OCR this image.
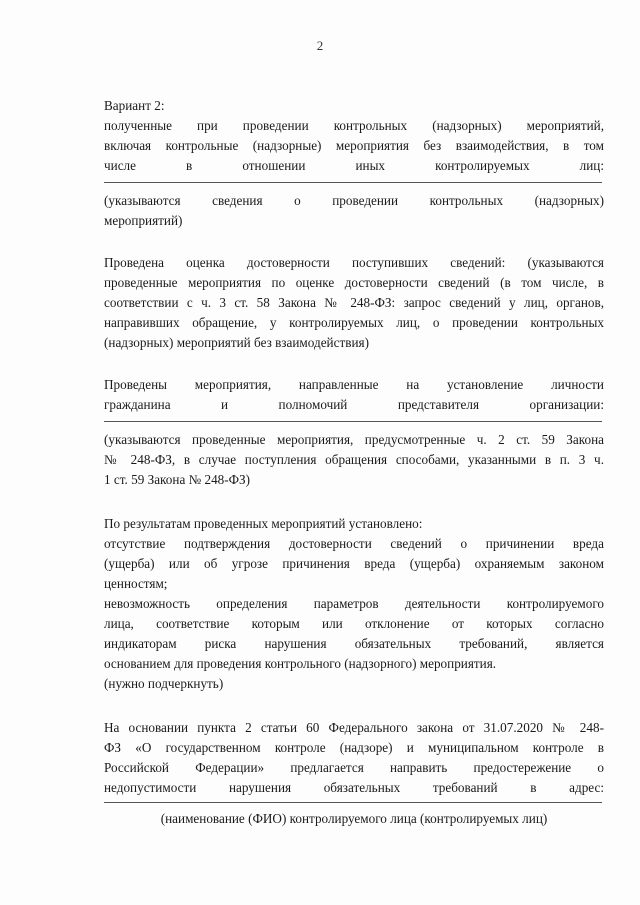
2

Вариант 2:

полученные при проведении контрольных (надзорных) мероприятий,

включая контрольные (надзорные) мероприятия без взаимодействия, в том

числе в отношении иных контролируемых лиц:

(указываются сведения о проведении контрольных (надзорных)

мероприятий)

Проведена оценка достоверности поступивших сведений: (указываются

проведенные мероприятия по оценке достоверности сведений (в том числе, в

соответствии с ч. 3 ст. 58 Закона № 248-ФЗ: запрос сведений у лиц, органов,

направивших обращение, у контролируемых лиц, о проведении контрольных

(надзорных) мероприятий без взаимодействия)

Проведены мероприятия, направленные на установление личности

гражданина и полномочий представителя организации:

(указываются проведенные мероприятия, предусмотренные ч. 2 ст. 59 Закона

№ 248-ФЗ, в случае поступления обращения способами, указанными в п. 3 ч.

1 ст. 59 Закона № 248-ФЗ)

По результатам проведенных мероприятий установлено:

отсутствие подтверждения достоверности сведений о причинении вреда

(ущерба) или об угрозе причинения вреда (ущерба) охраняемым законом

ценностям;

невозможность определения параметров деятельности контролируемого

лица, соответствие которым или отклонение от которых согласно

индикаторам риска нарушения обязательных требований, является

основанием для проведения контрольного (надзорного) мероприятия.

(нужно подчеркнуть)

На основании пункта 2 статьи 60 Федерального закона от 31.07.2020 № 248-

ФЗ «О государственном контроле (надзоре) и муниципальном контроле в

Российской Федерации» предлагается направить предостережение о

недопустимости нарушения обязательных требований в адрес:

(наименование (ФИО) контролируемого лица (контролируемых лиц)
